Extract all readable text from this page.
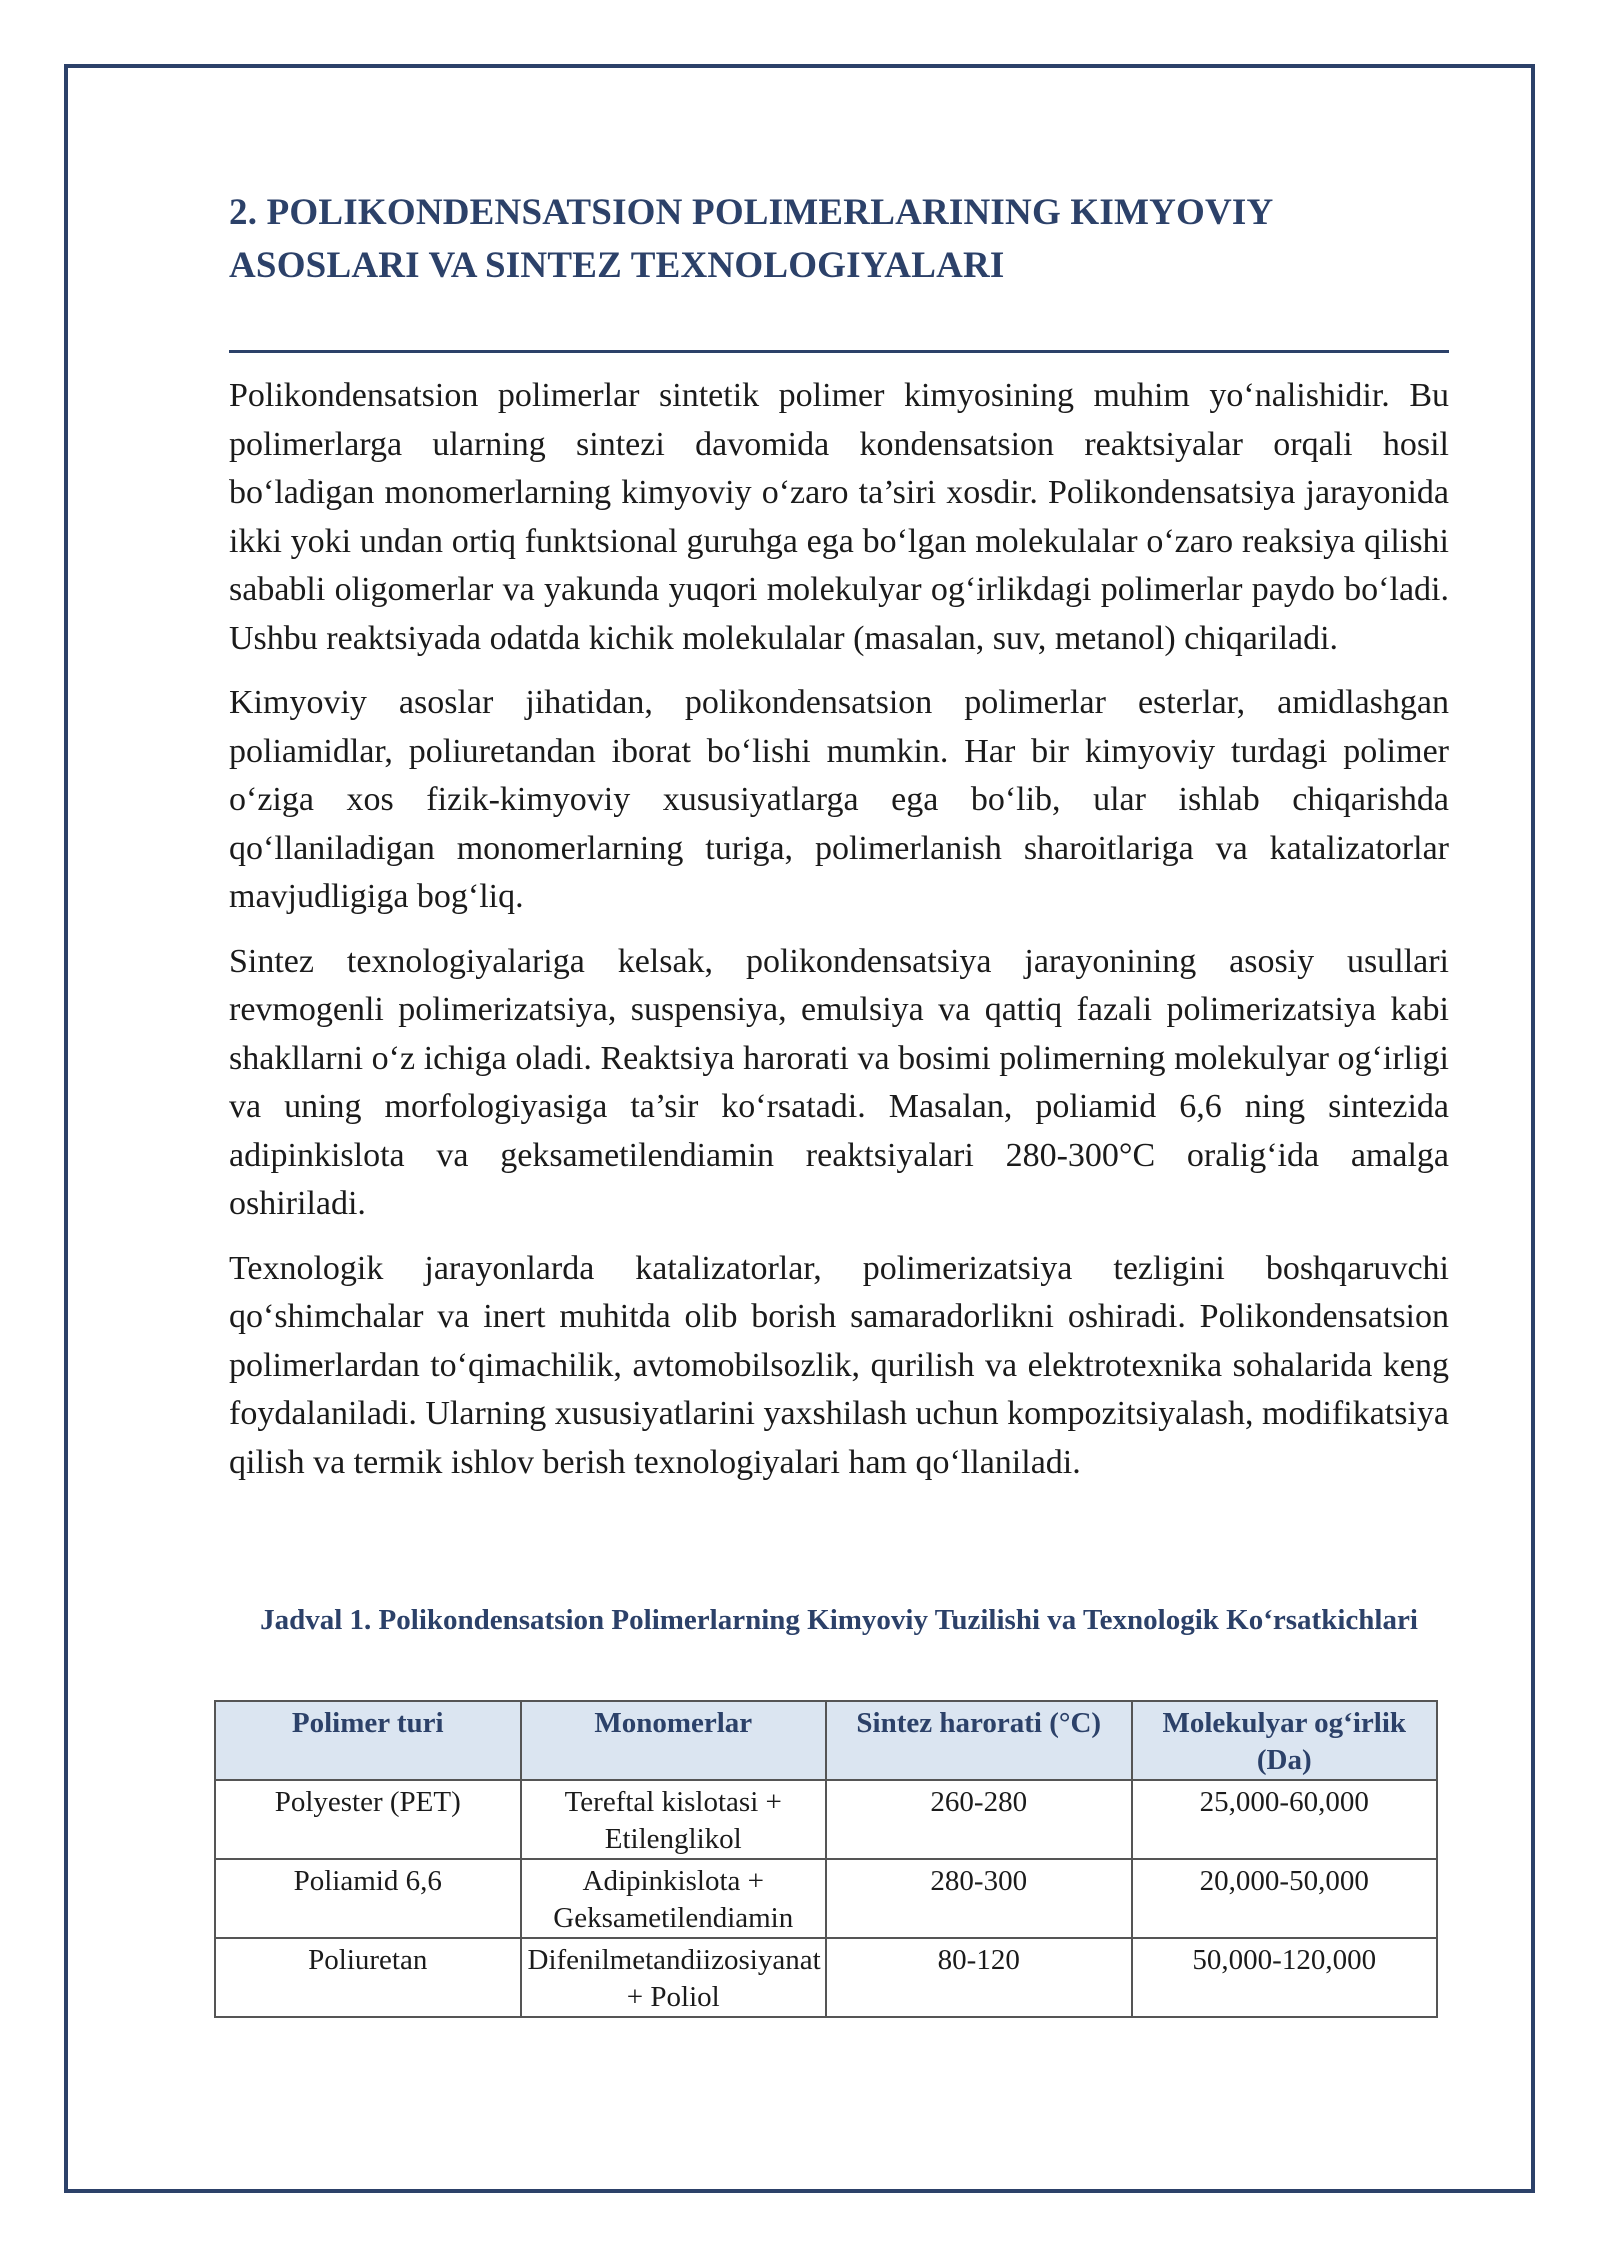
2. POLIKONDENSATSION POLIMERLARINING KIMYOVIY ASOSLARI VA SINTEZ TEXNOLOGIYALARI

Polikondensatsion polimerlar sintetik polimer kimyosining muhim yo‘nalishidir. Bu polimerlarga ularning sintezi davomida kondensatsion reaktsiyalar orqali hosil bo‘ladigan monomerlarning kimyoviy o‘zaro ta’siri xosdir. Polikondensatsiya jarayonida ikki yoki undan ortiq funktsional guruhga ega bo‘lgan molekulalar o‘zaro reaksiya qilishi sababli oligomerlar va yakunda yuqori molekulyar og‘irlikdagi polimerlar paydo bo‘ladi. Ushbu reaktsiyada odatda kichik molekulalar (masalan, suv, metanol) chiqariladi.

Kimyoviy asoslar jihatidan, polikondensatsion polimerlar esterlar, amidlashgan poliamidlar, poliuretandan iborat bo‘lishi mumkin. Har bir kimyoviy turdagi polimer o‘ziga xos fizik-kimyoviy xususiyatlarga ega bo‘lib, ular ishlab chiqarishda qo‘llaniladigan monomerlarning turiga, polimerlanish sharoitlariga va katalizatorlar mavjudligiga bog‘liq.

Sintez texnologiyalariga kelsak, polikondensatsiya jarayonining asosiy usullari revmogenli polimerizatsiya, suspensiya, emulsiya va qattiq fazali polimerizatsiya kabi shakllarni o‘z ichiga oladi. Reaktsiya harorati va bosimi polimerning molekulyar og‘irligi va uning morfologiyasiga ta’sir ko‘rsatadi. Masalan, poliamid 6,6 ning sintezida adipinkislota va geksametilendiamin reaktsiyalari 280-300°C oralig‘ida amalga oshiriladi.

Texnologik jarayonlarda katalizatorlar, polimerizatsiya tezligini boshqaruvchi qo‘shimchalar va inert muhitda olib borish samaradorlikni oshiradi. Polikondensatsion polimerlardan to‘qimachilik, avtomobilsozlik, qurilish va elektrotexnika sohalarida keng foydalaniladi. Ularning xususiyatlarini yaxshilash uchun kompozitsiyalash, modifikatsiya qilish va termik ishlov berish texnologiyalari ham qo‘llaniladi.

Jadval 1. Polikondensatsion Polimerlarning Kimyoviy Tuzilishi va Texnologik Ko‘rsatkichlari
Polimer turi	Monomerlar	Sintez harorati (°C)	Molekulyar og‘irlik (Da)
Polyester (PET)	Tereftal kislotasi + Etilenglikol	260-280	25,000-60,000
Poliamid 6,6	Adipinkislota + Geksametilendiamin	280-300	20,000-50,000
Poliuretan	Difenilmetandiizosiyanat + Poliol	80-120	50,000-120,000
